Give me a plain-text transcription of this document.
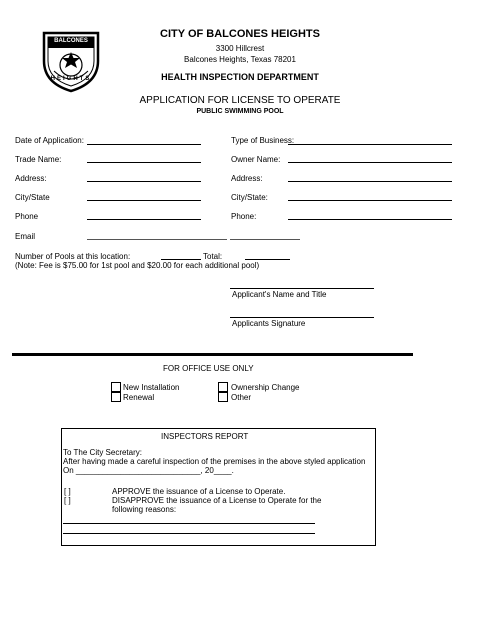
BALCONES
HEIGHTS
CITY OF BALCONES HEIGHTS
3300 Hillcrest
Balcones Heights, Texas 78201
HEALTH INSPECTION DEPARTMENT
APPLICATION FOR LICENSE TO OPERATE
PUBLIC SWIMMING POOL
Date of Application:	Type of Business:
Trade Name:	Owner Name:
Address:	Address:
City/State	City/State:
Phone	Phone:
Email
Number of Pools at this location:	Total:
(Note: Fee is $75.00 for 1st pool and $20.00 for each additional pool)
Applicant's Name and Title
Applicants Signature
FOR OFFICE USE ONLY
New Installation
Renewal
Ownership Change
Other
INSPECTORS REPORT
To The City Secretary:
After having made a careful inspection of the premises in the above styled application
On ____________________________, 20____.
[ ]	APPROVE the issuance of a License to Operate.
[ ]	DISAPPROVE the issuance of a License to Operate for the
following reasons:
